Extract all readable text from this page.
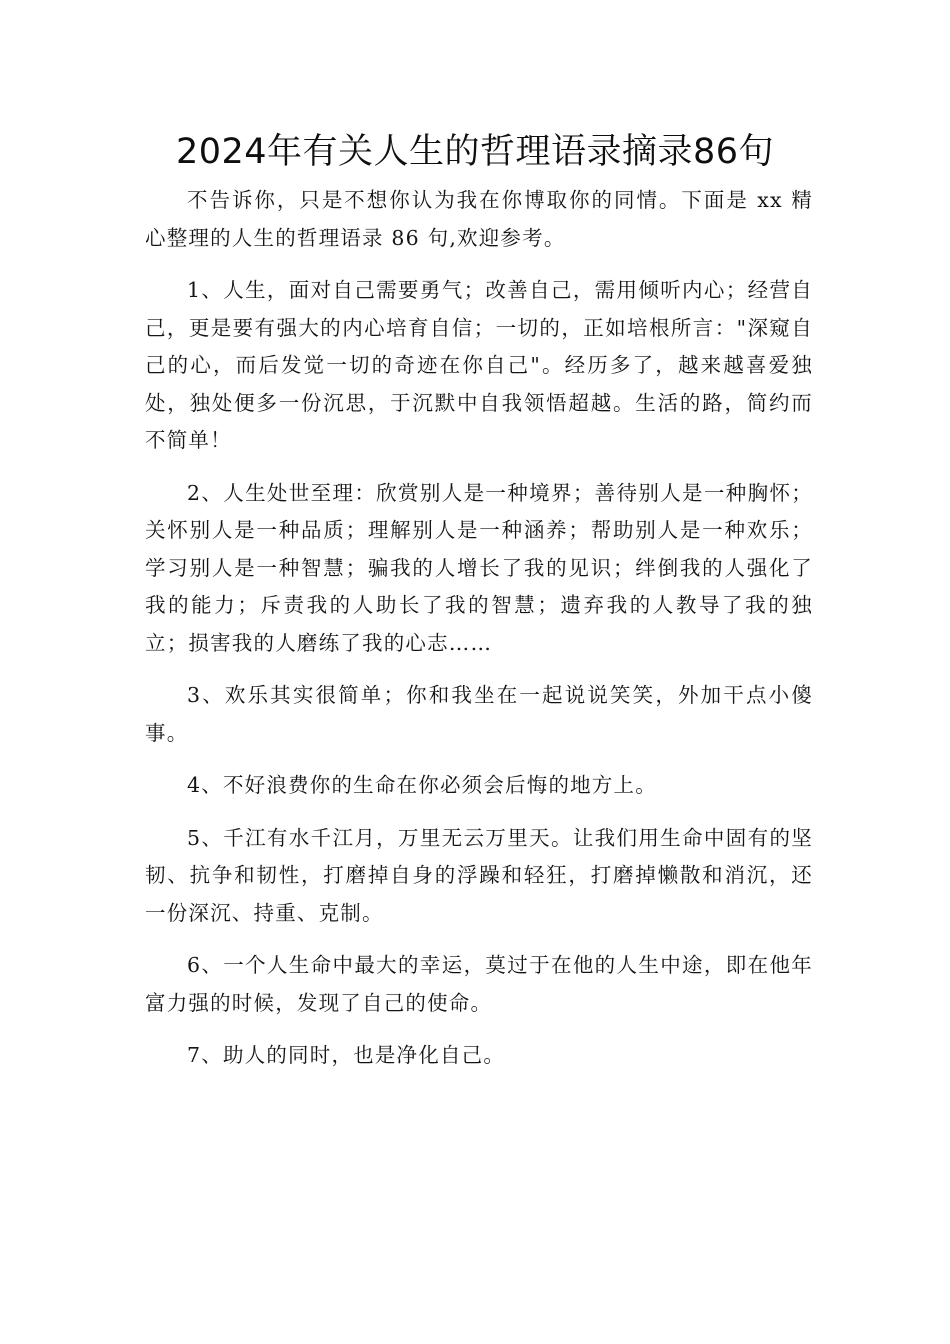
2024年有关人生的哲理语录摘录86句

不告诉你，只是不想你认为我在你博取你的同情。下面是 xx 精心整理的人生的哲理语录 86 句,欢迎参考。

1、人生，面对自己需要勇气；改善自己，需用倾听内心；经营自己，更是要有强大的内心培育自信；一切的，正如培根所言："深窥自己的心，而后发觉一切的奇迹在你自己"。经历多了，越来越喜爱独处，独处便多一份沉思，于沉默中自我领悟超越。生活的路，简约而不简单！

2、人生处世至理：欣赏别人是一种境界；善待别人是一种胸怀；关怀别人是一种品质；理解别人是一种涵养；帮助别人是一种欢乐；学习别人是一种智慧；骗我的人增长了我的见识；绊倒我的人强化了我的能力；斥责我的人助长了我的智慧；遗弃我的人教导了我的独立；损害我的人磨练了我的心志……

3、欢乐其实很简单；你和我坐在一起说说笑笑，外加干点小傻事。

4、不好浪费你的生命在你必须会后悔的地方上。

5、千江有水千江月，万里无云万里天。让我们用生命中固有的坚韧、抗争和韧性，打磨掉自身的浮躁和轻狂，打磨掉懒散和消沉，还一份深沉、持重、克制。

6、一个人生命中最大的幸运，莫过于在他的人生中途，即在他年富力强的时候，发现了自己的使命。

7、助人的同时，也是净化自己。
